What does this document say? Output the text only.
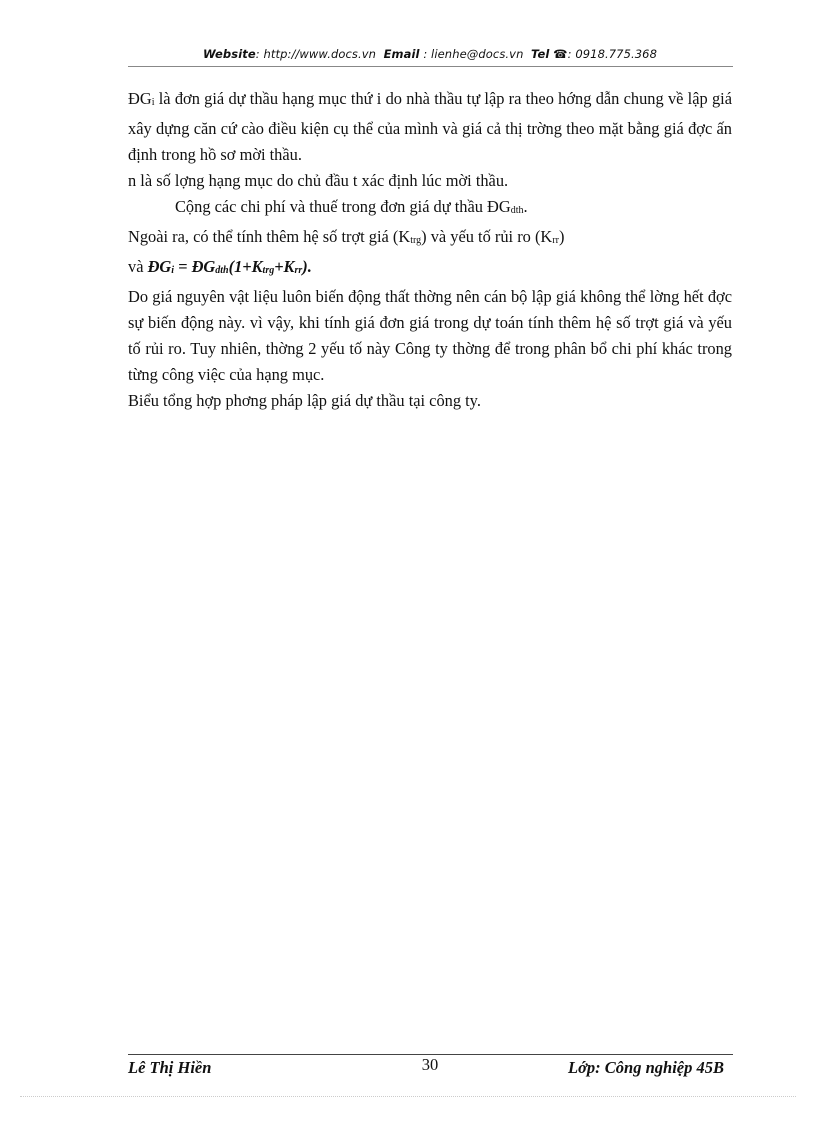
Website: http://www.docs.vn Email : lienhe@docs.vn Tel ☎: 0918.775.368

ĐGi là đơn giá dự thầu hạng mục thứ i do nhà thầu tự lập ra theo hớng dẫn chung về lập giá xây dựng căn cứ cào điều kiện cụ thể của mình và giá cả thị trờng theo mặt bằng giá đợc ấn định trong hồ sơ mời thầu.

n là số lợng hạng mục do chủ đầu t xác định lúc mời thầu.

Cộng các chi phí và thuế trong đơn giá dự thầu ĐGdth.

Ngoài ra, có thể tính thêm hệ số trợt giá (Ktrg) và yếu tố rủi ro (Krr)

và ĐGi = ĐGdth(1+Ktrg+Krr).

Do giá nguyên vật liệu luôn biến động thất thờng nên cán bộ lập giá không thể lờng hết đợc sự biến động này. vì vậy, khi tính giá đơn giá trong dự toán tính thêm hệ số trợt giá và yếu tố rủi ro. Tuy nhiên, thờng 2 yếu tố này Công ty thờng để trong phân bổ chi phí khác trong từng công việc của hạng mục.

Biểu tổng hợp phơng pháp lập giá dự thầu tại công ty.

Lê Thị Hiền	30	Lớp: Công nghiệp 45B
